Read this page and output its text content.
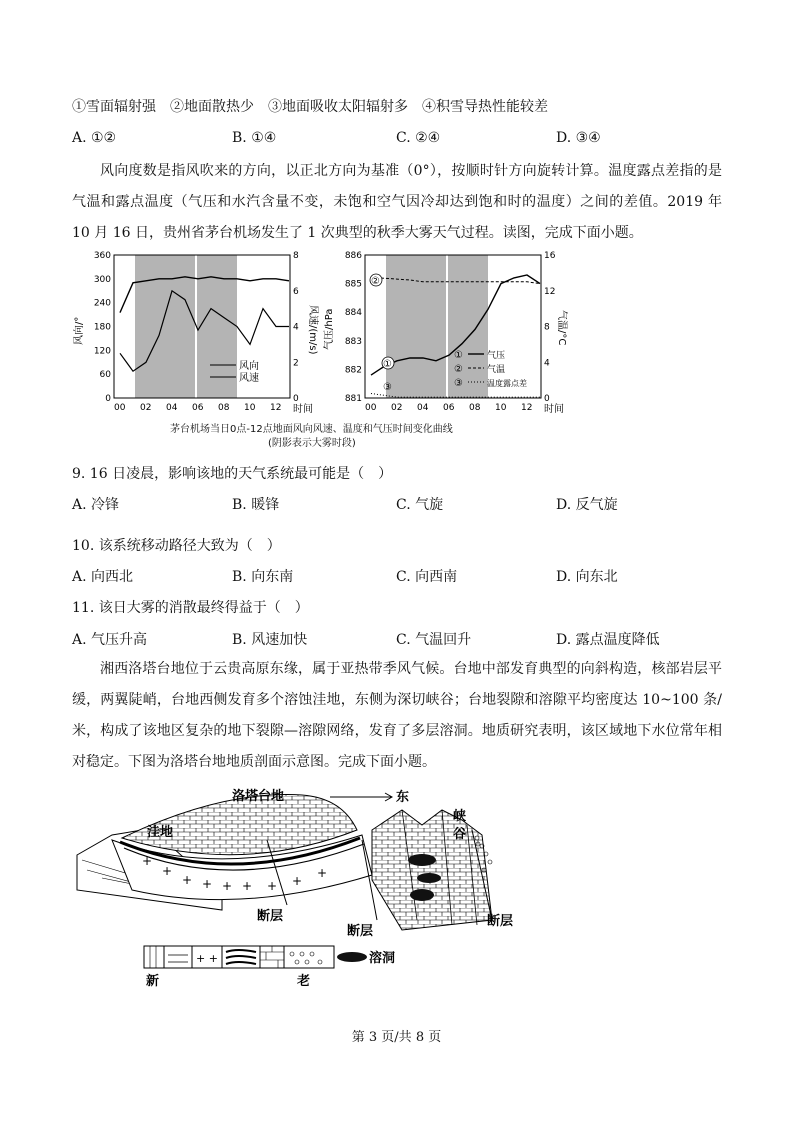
①雪面辐射强　②地面散热少　③地面吸收太阳辐射多　④积雪导热性能较差
A. ①②	B. ①④	C. ②④	D. ③④
风向度数是指风吹来的方向，以正北方向为基准（0°），按顺时针方向旋转计算。温度露点差指的是气温和露点温度（气压和水汽含量不变，未饱和空气因冷却达到饱和时的温度）之间的差值。2019 年 10 月 16 日，贵州省茅台机场发生了 1 次典型的秋季大雾天气过程。读图，完成下面小题。
360
300
240
180
120
60
0
8
6
4
2
0
00 02 04 06 08 10 12
风向
风速
风向/°	风速/(m/s)
时间
886
885
884
883
882
881
16
12
8
4
0
00 02 04 06 08 10 12
②
①
③
①	气压
②	气温
③	温度露点差
气压/hPa	气温/°C
时间
茅台机场当日0点-12点地面风向风速、温度和气压时间变化曲线
(阴影表示大雾时段)
9. 16 日凌晨，影响该地的天气系统最可能是（　）
A. 冷锋	B. 暖锋	C. 气旋	D. 反气旋
10. 该系统移动路径大致为（　）
A. 向西北	B. 向东南	C. 向西南	D. 向东北
11. 该日大雾的消散最终得益于（　）
A. 气压升高	B. 风速加快	C. 气温回升	D. 露点温度降低
湘西洛塔台地位于云贵高原东缘，属于亚热带季风气候。台地中部发育典型的向斜构造，核部岩层平缓，两翼陡峭，台地西侧发育多个溶蚀洼地，东侧为深切峡谷；台地裂隙和溶隙平均密度达 10~100 条/米，构成了该地区复杂的地下裂隙—溶隙网络，发育了多层溶洞。地质研究表明，该区域地下水位常年相对稳定。下图为洛塔台地地质剖面示意图。完成下面小题。
+
+
+ + + + + +
+
洛塔台地	东
洼地
峡
谷
断层
断层
断层
+ +	溶洞
新	老
第 3 页/共 8 页
